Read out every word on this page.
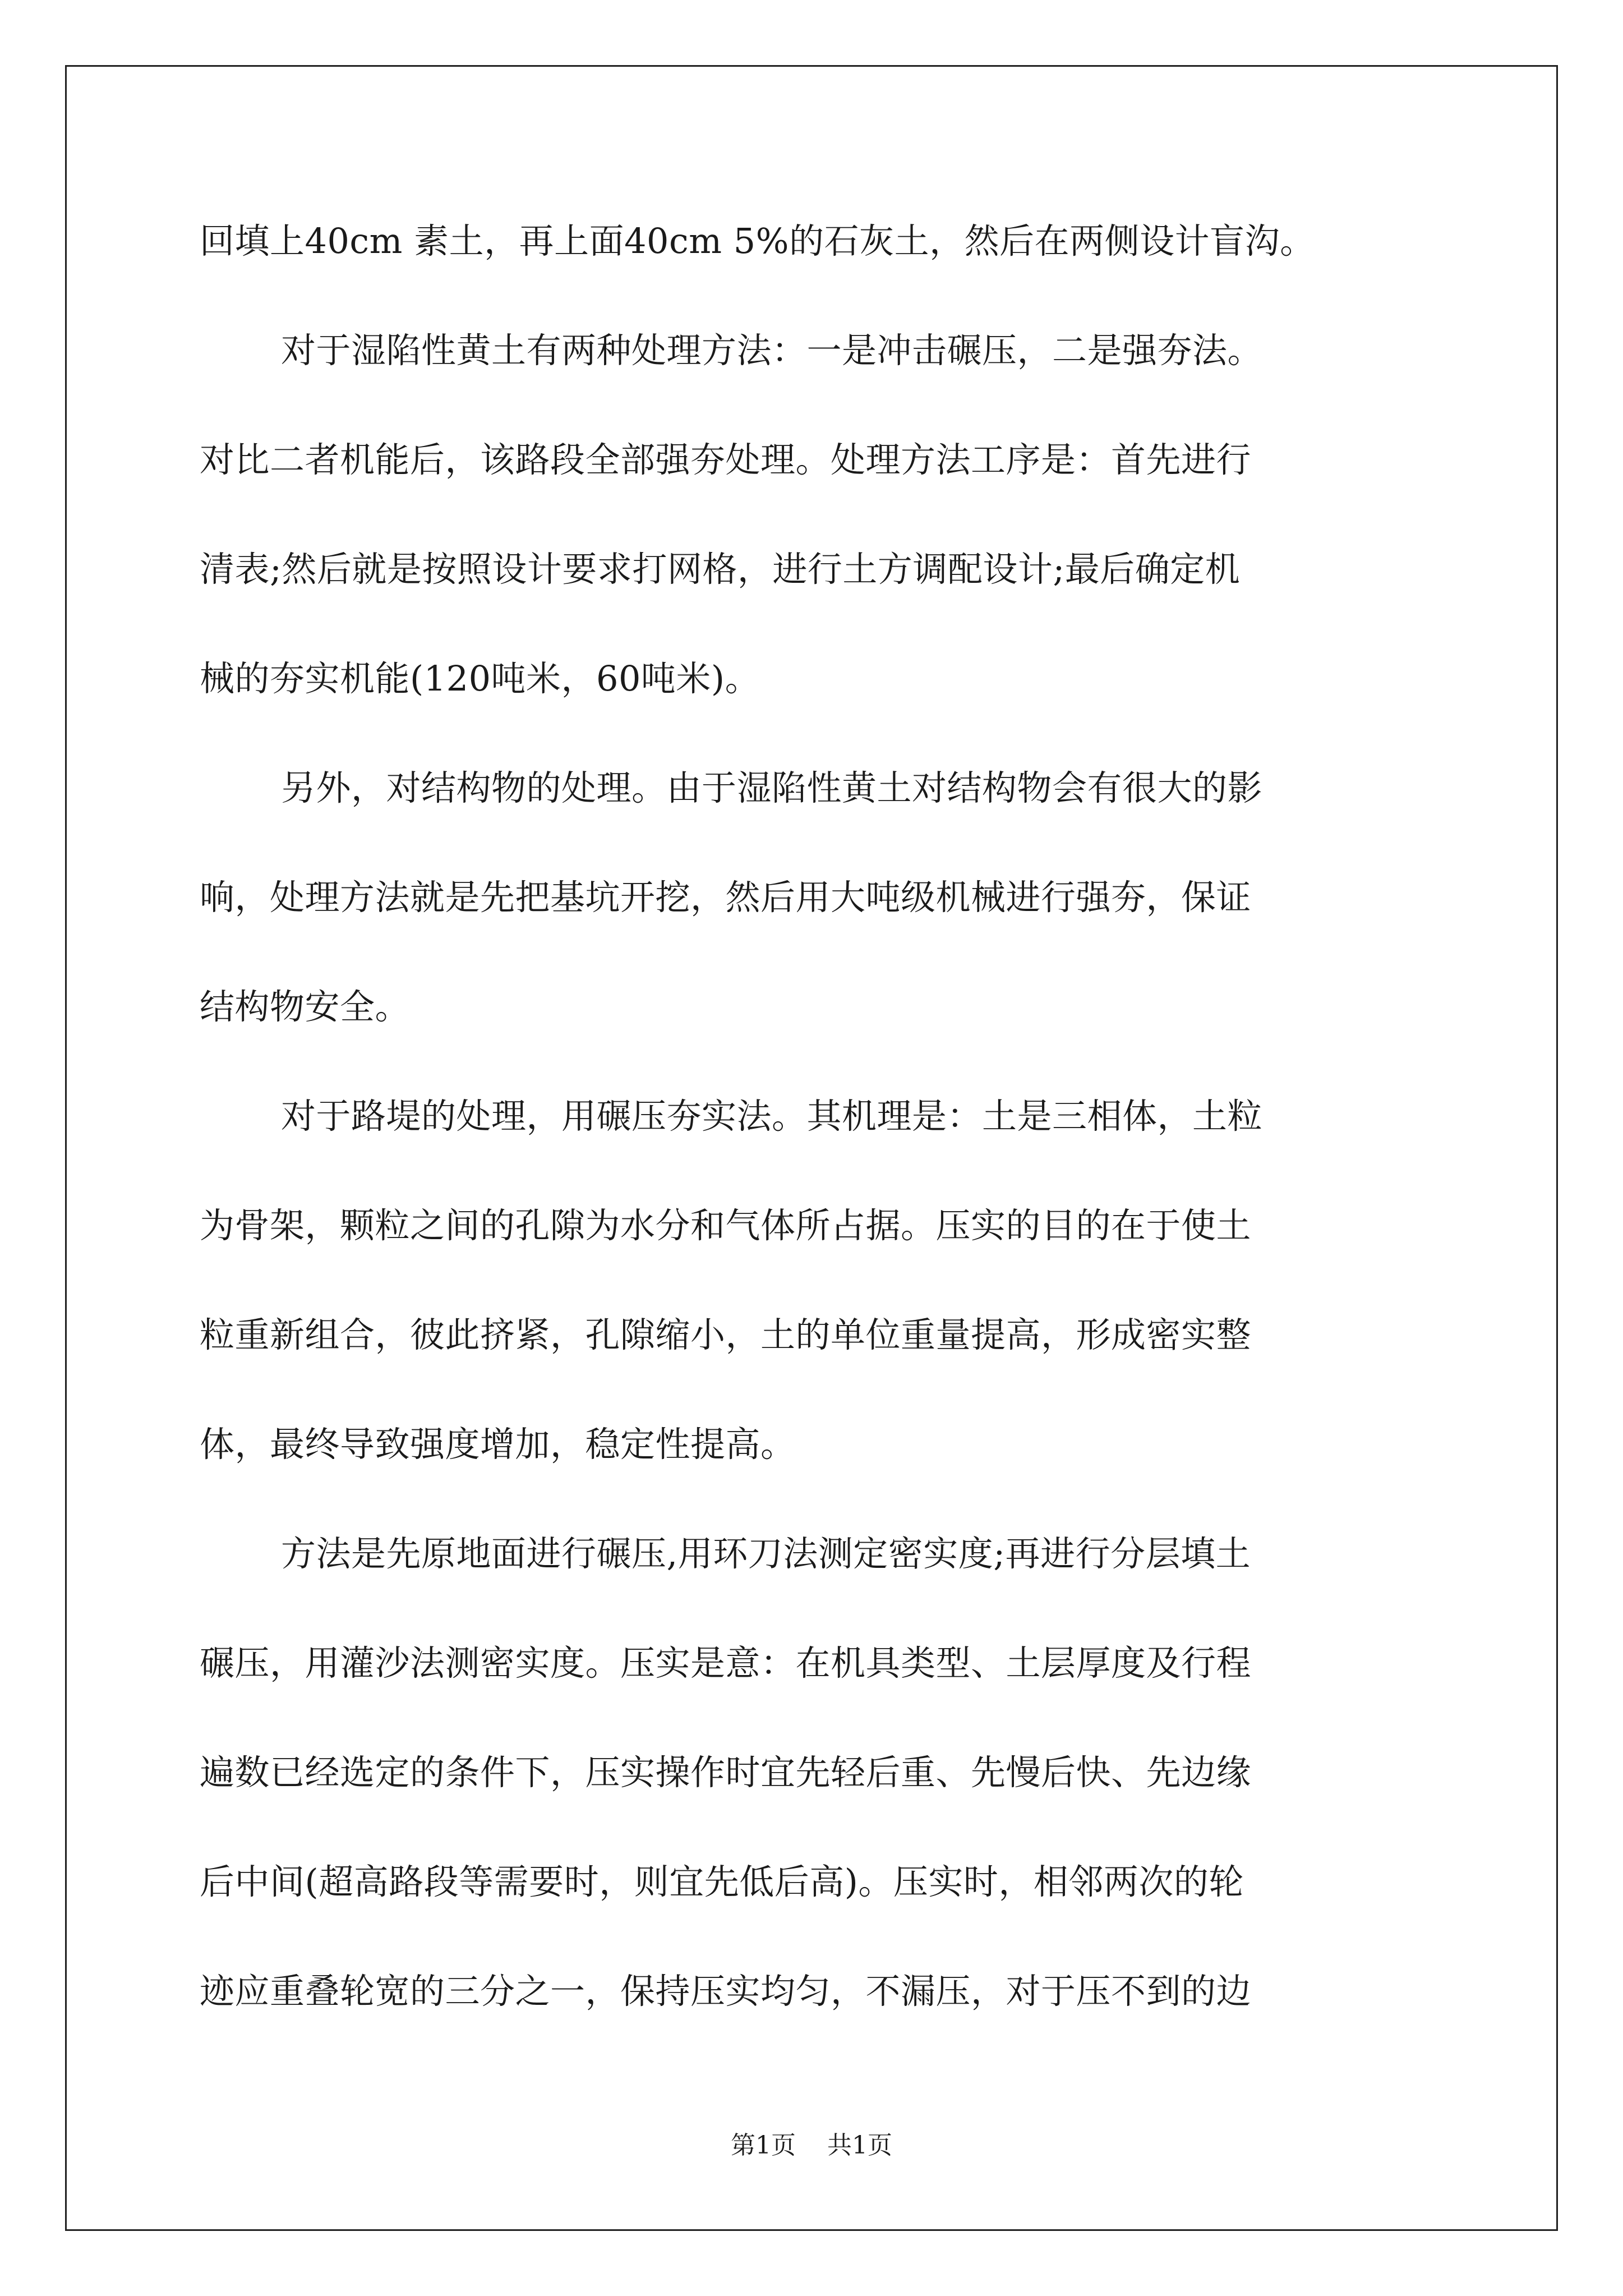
回填上40cm 素土，再上面40cm 5%的石灰土，然后在两侧设计盲沟。
对于湿陷性黄土有两种处理方法：一是冲击碾压，二是强夯法。
对比二者机能后，该路段全部强夯处理。处理方法工序是：首先进行
清表;然后就是按照设计要求打网格，进行土方调配设计;最后确定机
械的夯实机能(120吨米，60吨米)。
另外，对结构物的处理。由于湿陷性黄土对结构物会有很大的影
响，处理方法就是先把基坑开挖，然后用大吨级机械进行强夯，保证
结构物安全。
对于路堤的处理，用碾压夯实法。其机理是：土是三相体，土粒
为骨架，颗粒之间的孔隙为水分和气体所占据。压实的目的在于使土
粒重新组合，彼此挤紧，孔隙缩小，土的单位重量提高，形成密实整
体，最终导致强度增加，稳定性提高。
方法是先原地面进行碾压,用环刀法测定密实度;再进行分层填土
碾压，用灌沙法测密实度。压实是意：在机具类型、土层厚度及行程
遍数已经选定的条件下，压实操作时宜先轻后重、先慢后快、先边缘
后中间(超高路段等需要时，则宜先低后高)。压实时，相邻两次的轮
迹应重叠轮宽的三分之一，保持压实均匀，不漏压，对于压不到的边
第1页 共1页
